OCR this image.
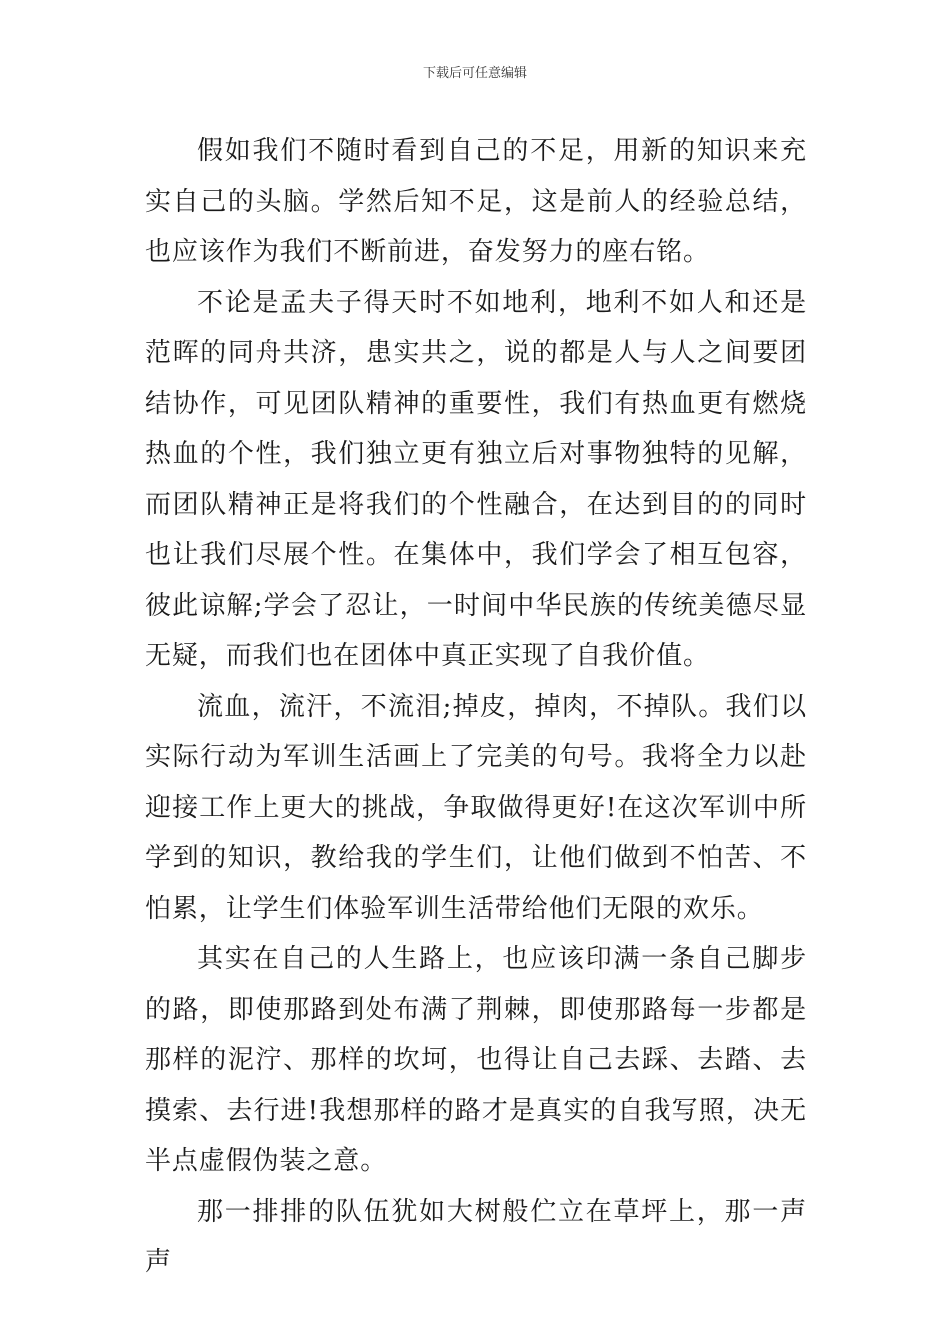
下载后可任意编辑

假如我们不随时看到自己的不足，用新的知识来充实自己的头脑。学然后知不足，这是前人的经验总结，也应该作为我们不断前进，奋发努力的座右铭。

不论是孟夫子得天时不如地利，地利不如人和还是范晖的同舟共济，患实共之，说的都是人与人之间要团结协作，可见团队精神的重要性，我们有热血更有燃烧热血的个性，我们独立更有独立后对事物独特的见解，而团队精神正是将我们的个性融合，在达到目的的同时也让我们尽展个性。在集体中，我们学会了相互包容，彼此谅解;学会了忍让，一时间中华民族的传统美德尽显无疑，而我们也在团体中真正实现了自我价值。

流血，流汗，不流泪;掉皮，掉肉，不掉队。我们以实际行动为军训生活画上了完美的句号。我将全力以赴迎接工作上更大的挑战，争取做得更好!在这次军训中所学到的知识，教给我的学生们，让他们做到不怕苦、不怕累，让学生们体验军训生活带给他们无限的欢乐。

其实在自己的人生路上，也应该印满一条自己脚步的路，即使那路到处布满了荆棘，即使那路每一步都是那样的泥泞、那样的坎坷，也得让自己去踩、去踏、去摸索、去行进!我想那样的路才是真实的自我写照，决无半点虚假伪装之意。

那一排排的队伍犹如大树般伫立在草坪上，那一声声
